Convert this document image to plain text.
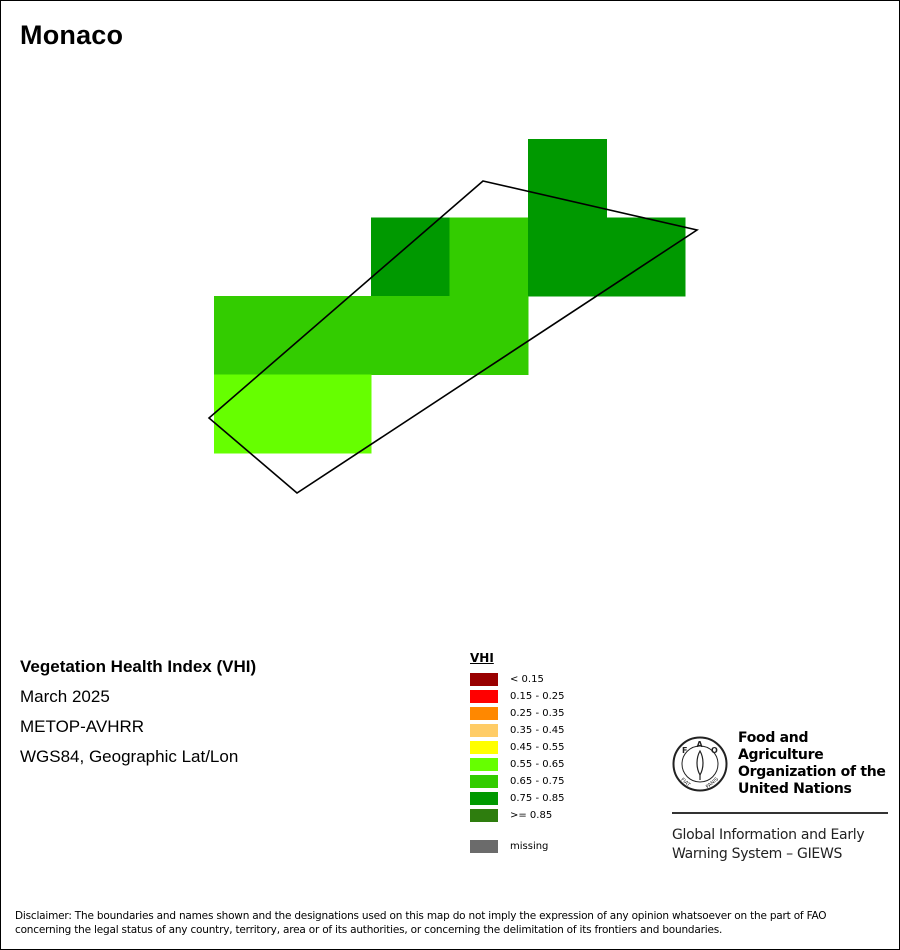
Monaco
Vegetation Health Index (VHI)
March 2025
METOP-AVHRR
WGS84, Geographic Lat/Lon
VHI
< 0.15
0.15 - 0.25
0.25 - 0.35
0.35 - 0.45
0.45 - 0.55
0.55 - 0.65
0.65 - 0.75
0.75 - 0.85
>= 0.85
missing
F
A
O
FIAT	PANIS
Food and Agriculture
Organization of the
United Nations
Global Information and Early
Warning System – GIEWS
Disclaimer: The boundaries and names shown and the designations used on this map do not imply the expression of any opinion whatsoever on the part of FAO
concerning the legal status of any country, territory, area or of its authorities, or concerning the delimitation of its frontiers and boundaries.
